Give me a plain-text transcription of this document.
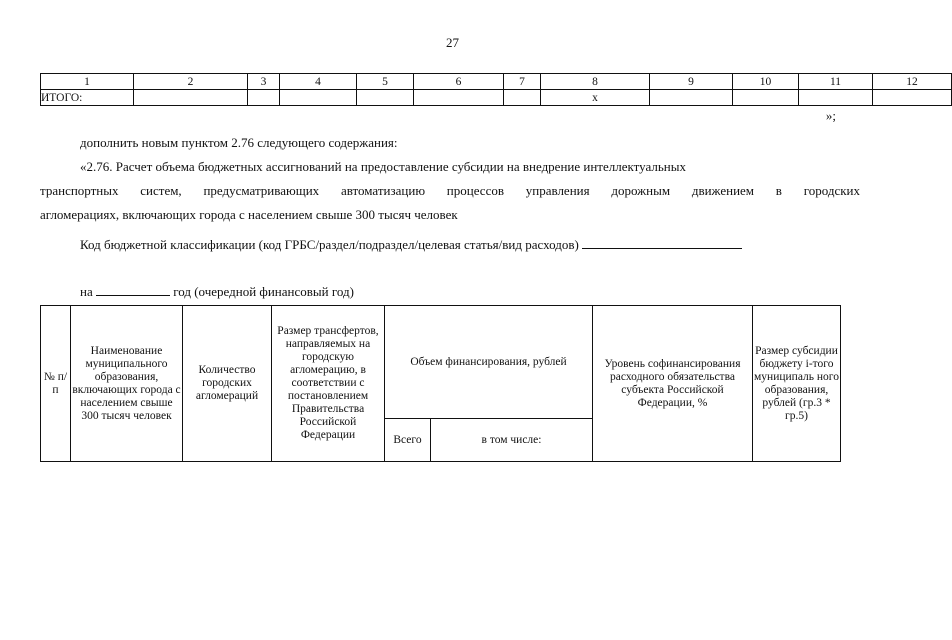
27
1	2	3	4	5	6	7	8	9	10	11	12
ИТОГО:							x				
»;
дополнить новым пунктом 2.76 следующего содержания:
«2.76. Расчет объема бюджетных ассигнований на предоставление субсидии на внедрение интеллектуальных
транспортных систем, предусматривающих автоматизацию процессов управления дорожным движением в городских
агломерациях, включающих города с населением свыше 300 тысяч человек
Код бюджетной классификации (код ГРБС/раздел/подраздел/целевая статья/вид расходов)
на	год (очередной финансовый год)
№ п/п	Наименование муниципального образования, включающих города с населением свыше 300 тысяч человек	Количество городских агломераций	Размер трансфертов, направляемых на городскую агломерацию, в соответствии с постановлением Правительства Российской Федерации	Объем финансирования, рублей		Уровень софинансирования расходного обязательства субъекта Российской Федерации, %	Размер субсидии бюджету i-того муниципаль ного образования, рублей (гр.3 * гр.5)
				Всего	в том числе:		
